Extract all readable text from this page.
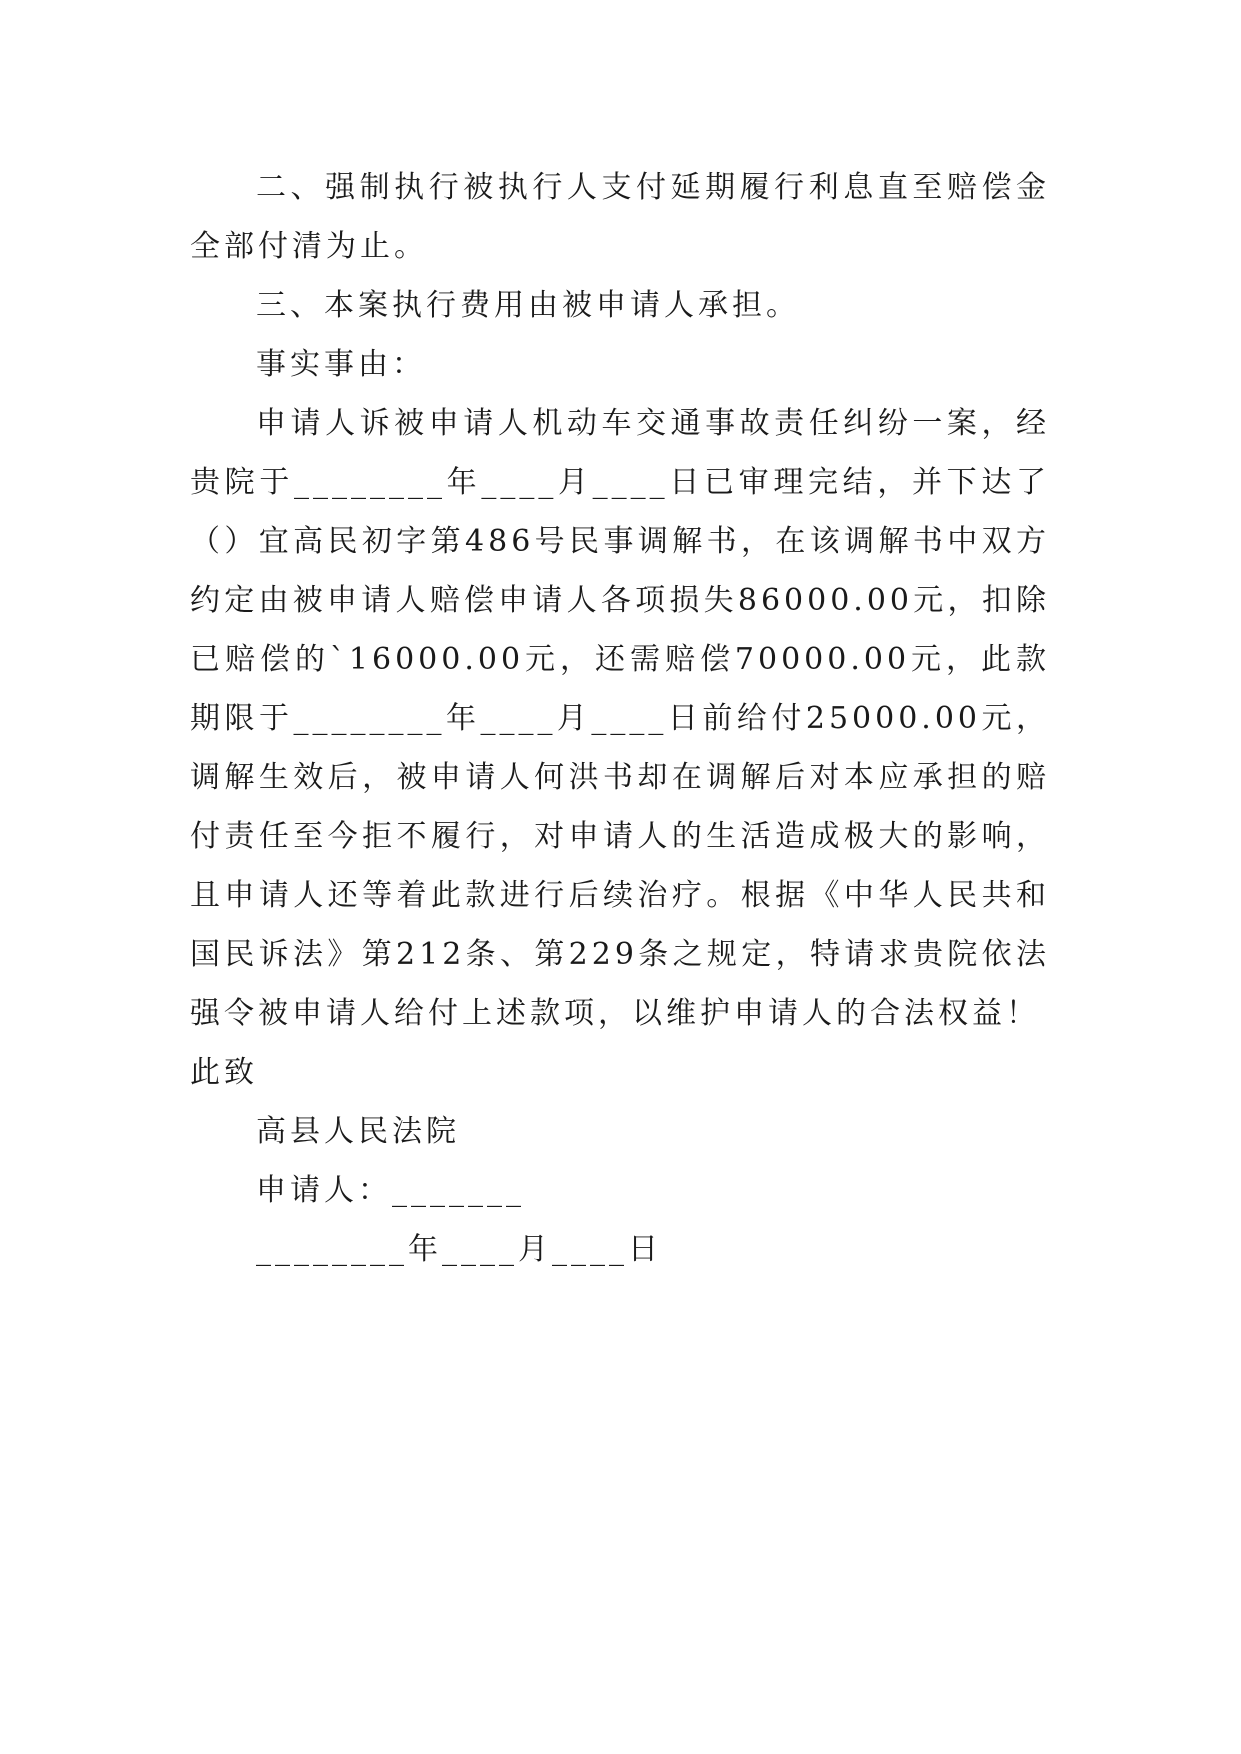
二、强制执行被执行人支付延期履行利息直至赔偿金全部付清为止。

三、本案执行费用由被申请人承担。

事实事由：

申请人诉被申请人机动车交通事故责任纠纷一案，经贵院于________年____月____日已审理完结，并下达了（）宜高民初字第486号民事调解书，在该调解书中双方约定由被申请人赔偿申请人各项损失86000.00元，扣除已赔偿的`16000.00元，还需赔偿70000.00元，此款期限于________年____月____日前给付25000.00元，调解生效后，被申请人何洪书却在调解后对本应承担的赔付责任至今拒不履行，对申请人的生活造成极大的影响，且申请人还等着此款进行后续治疗。根据《中华人民共和国民诉法》第212条、第229条之规定，特请求贵院依法强令被申请人给付上述款项，以维护申请人的合法权益！

此致

高县人民法院

申请人：_______

________年____月____日
